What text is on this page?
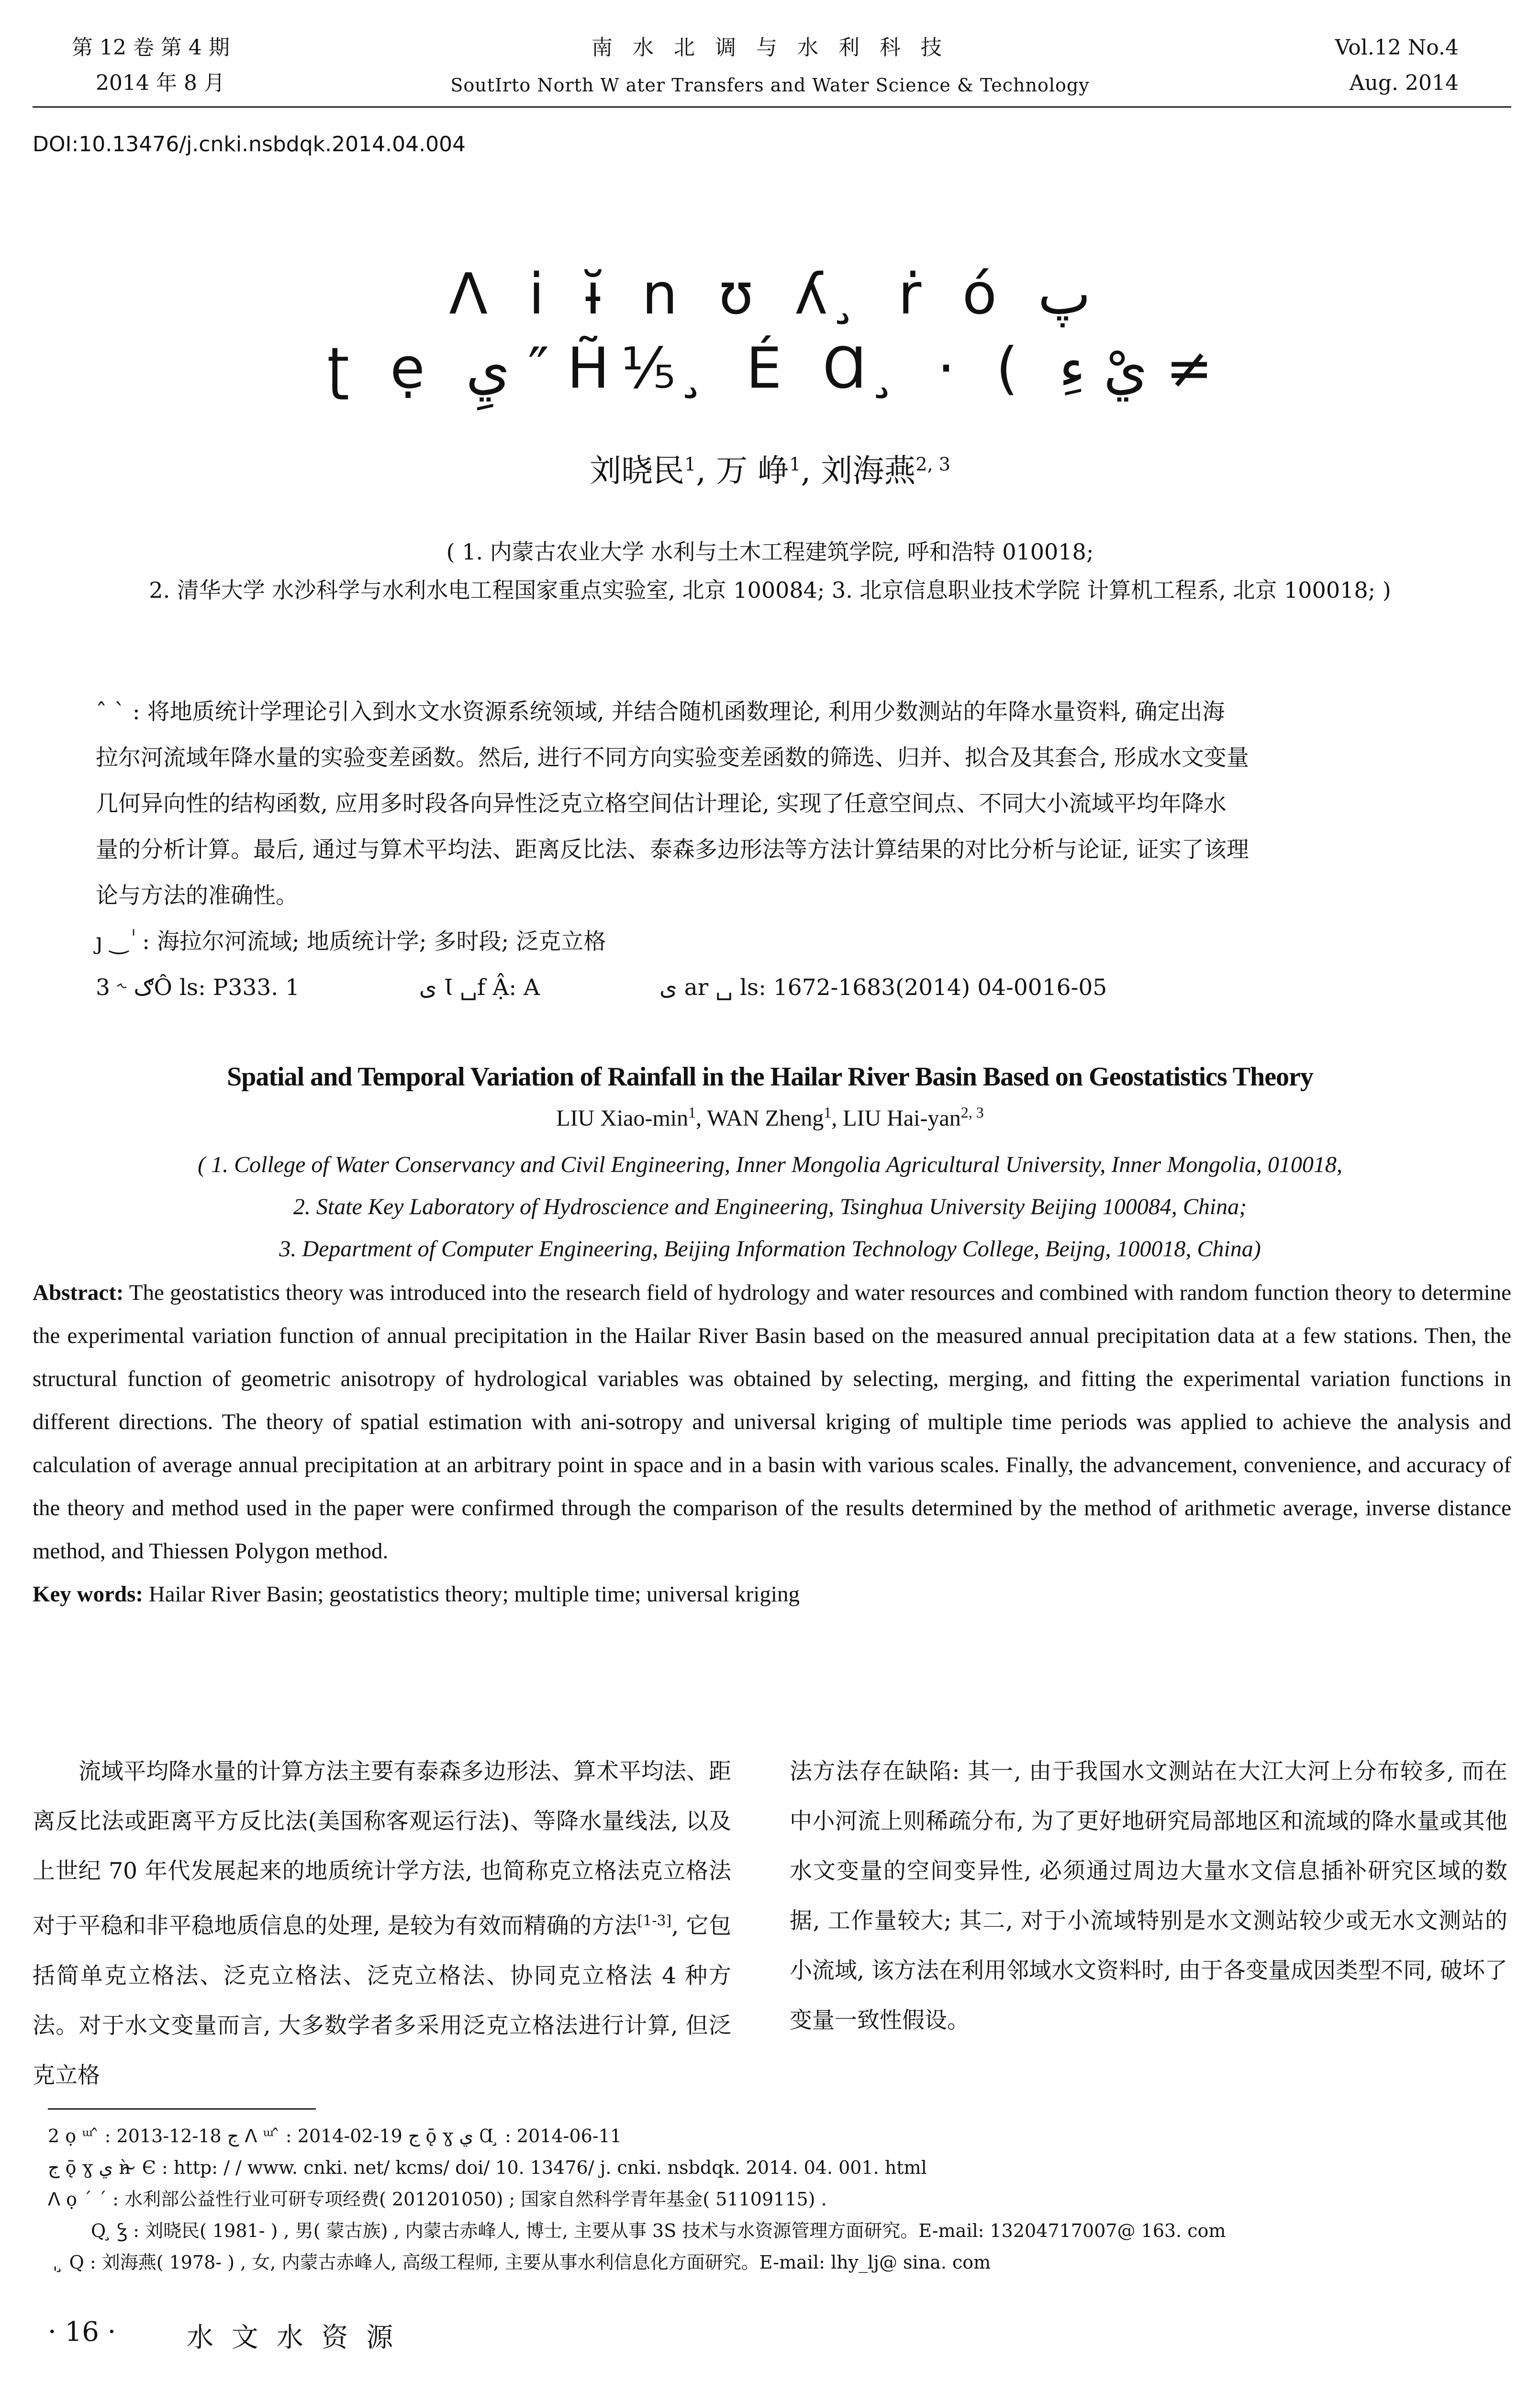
第 12 卷 第 4 期
2014 年 8 月
南 水 北 调 与 水 利 科 技
SoutIrto North W ater Transfers and Water Science & Technology
Vol.12 No.4
Aug. 2014
DOI:10.13476/j.cnki.nsbdqk.2014.04.004
ꓥ i ɨ̆ n ʊ ʎ ̧ ṙ ó پ
ʈ ẹ يِ ″ H̃⅕ ̧ É Ɑ ̧ · ( يْ ءِ ≠
刘晓民$^1$, 万 峥$^1$, 刘海燕$^{2, 3}$
( 1. 内蒙古农业大学 水利与土木工程建筑学院, 呼和浩特 010018;
2. 清华大学 水沙科学与水利水电工程国家重点实验室, 北京 100084; 3. 北京信息职业技术学院 计算机工程系, 北京 100018; )
ˆ ` : 将地质统计学理论引入到水文水资源系统领域, 并结合随机函数理论, 利用少数测站的年降水量资料, 确定出海
拉尔河流域年降水量的实验变差函数。然后, 进行不同方向实验变差函数的筛选、归并、拟合及其套合, 形成水文变量
几何异向性的结构函数, 应用多时段各向异性泛克立格空间估计理论, 实现了任意空间点、不同大小流域平均年降水
量的分析计算。最后, 通过与算术平均法、距离反比法、泰森多边形法等方法计算结果的对比分析与论证, 证实了该理
论与方法的准确性。
ȷ ‿ ٰ : 海拉尔河流域; 地质统计学; 多时段; 泛克立格
3 ˞ ګÔ ls: P333. 1	ى Ɩ ␣f Ậ: A	ى ar ␣ ls: 1672-1683(2014) 04-0016-05
Spatial and Temporal Variation of Rainfall in the Hailar River Basin Based on Geostatistics Theory
LIU Xiao-$\min^1$, WAN Zheng$^1$, LIU Hai-yan$^{2, 3}$
( 1. College of Water Conservancy and Civil Engineering, Inner Mongolia Agricultural University, Inner Mongolia, 010018,
2. State Key Laboratory of Hydroscience and Engineering, Tsinghua University Beijing 100084, China;
3. Department of Computer Engineering, Beijing Information Technology College, Beijng, 100018, China)
Abstract: The geostatistics theory was introduced into the research field of hydrology and water resources and combined with random function theory to determine the experimental variation function of annual precipitation in the Hailar River Basin based on the measured annual precipitation data at a few stations. Then, the structural function of geometric anisotropy of hydrological variables was obtained by selecting, merging, and fitting the experimental variation functions in different directions. The theory of spatial estimation with ani-sotropy and universal kriging of multiple time periods was applied to achieve the analysis and calculation of average annual precipitation at an arbitrary point in space and in a basin with various scales. Finally, the advancement, convenience, and accuracy of the theory and method used in the paper were confirmed through the comparison of the results determined by the method of arithmetic average, inverse distance method, and Thiessen Polygon method.
Key words: Hailar River Basin; geostatistics theory; multiple time; universal kriging
流域平均降水量的计算方法主要有泰森多边形法、算术平均法、距离反比法或距离平方反比法(美国称客观运行法)、等降水量线法, 以及上世纪 70 年代发展起来的地质统计学方法, 也简称克立格法克立格法对于平稳和非平稳地质信息的处理, 是较为有效而精确的方法[1-3], 它包括简单克立格法、泛克立格法、泛克立格法、协同克立格法 4 种方法。对于水文变量而言, 大多数学者多采用泛克立格法进行计算, 但泛克立格
法方法存在缺陷: 其一, 由于我国水文测站在大江大河上分布较多, 而在中小河流上则稀疏分布, 为了更好地研究局部地区和流域的降水量或其他水文变量的空间变异性, 必须通过周边大量水文信息插补研究区域的数据, 工作量较大; 其二, 对于小流域特别是水文测站较少或无水文测站的小流域, 该方法在利用邻域水文资料时, 由于各变量成因类型不同, 破坏了变量一致性假设。
2 ọ ᵚ ̂ : 2013-12-18 ج ꓥ ᵚ ̂ : 2014-02-19 ج ǭ ɣ ي Ɑ ̧ : 2014-06-11
ج ǭ ɣ ي ǹ ̴ Є : http: / / www. cnki. net/ kcms/ doi/ 10. 13476/ j. cnki. nsbdqk. 2014. 04. 001. html
ꓥ ọ ´ ´ : 水利部公益性行业可研专项经费( 201201050) ; 国家自然科学青年基金( 51109115) .
Q ̧ Ꝣ : 刘晓民( 1981- ) , 男( 蒙古族) , 内蒙古赤峰人, 博士, 主要从事 3S 技术与水资源管理方面研究。E-mail: 13204717007@ 163. com
ˌ ̧ Q : 刘海燕( 1978- ) , 女, 内蒙古赤峰人, 高级工程师, 主要从事水利信息化方面研究。E-mail: lhy_lj@ sina. com
· 16 ·	水 文 水 资 源
